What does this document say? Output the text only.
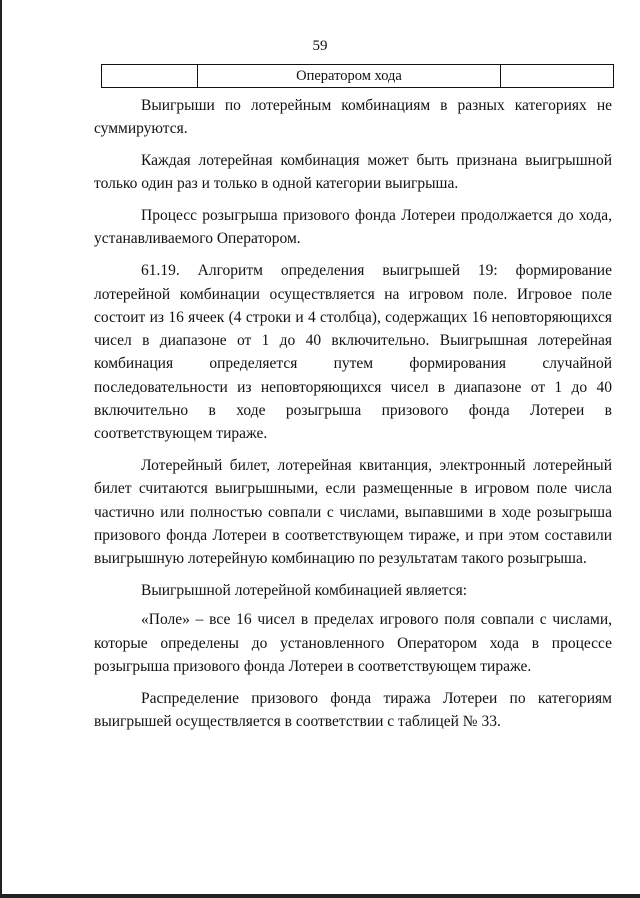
59
	Оператором хода	

Выигрыши по лотерейным комбинациям в разных категориях не суммируются.

Каждая лотерейная комбинация может быть признана выигрышной только один раз и только в одной категории выигрыша.

Процесс розыгрыша призового фонда Лотереи продолжается до хода, устанавливаемого Оператором.

61.19. Алгоритм определения выигрышей 19: формирование лотерейной комбинации осуществляется на игровом поле. Игровое поле состоит из 16 ячеек (4 строки и 4 столбца), содержащих 16 неповторяющихся чисел в диапазоне от 1 до 40 включительно. Выигрышная лотерейная комбинация определяется путем формирования случайной последовательности из неповторяющихся чисел в диапазоне от 1 до 40 включительно в ходе розыгрыша призового фонда Лотереи в соответствующем тираже.

Лотерейный билет, лотерейная квитанция, электронный лотерейный билет считаются выигрышными, если размещенные в игровом поле числа частично или полностью совпали с числами, выпавшими в ходе розыгрыша призового фонда Лотереи в соответствующем тираже, и при этом составили выигрышную лотерейную комбинацию по результатам такого розыгрыша.

Выигрышной лотерейной комбинацией является:

«Поле» – все 16 чисел в пределах игрового поля совпали с числами, которые определены до установленного Оператором хода в процессе розыгрыша призового фонда Лотереи в соответствующем тираже.

Распределение призового фонда тиража Лотереи по категориям выигрышей осуществляется в соответствии с таблицей № 33.
